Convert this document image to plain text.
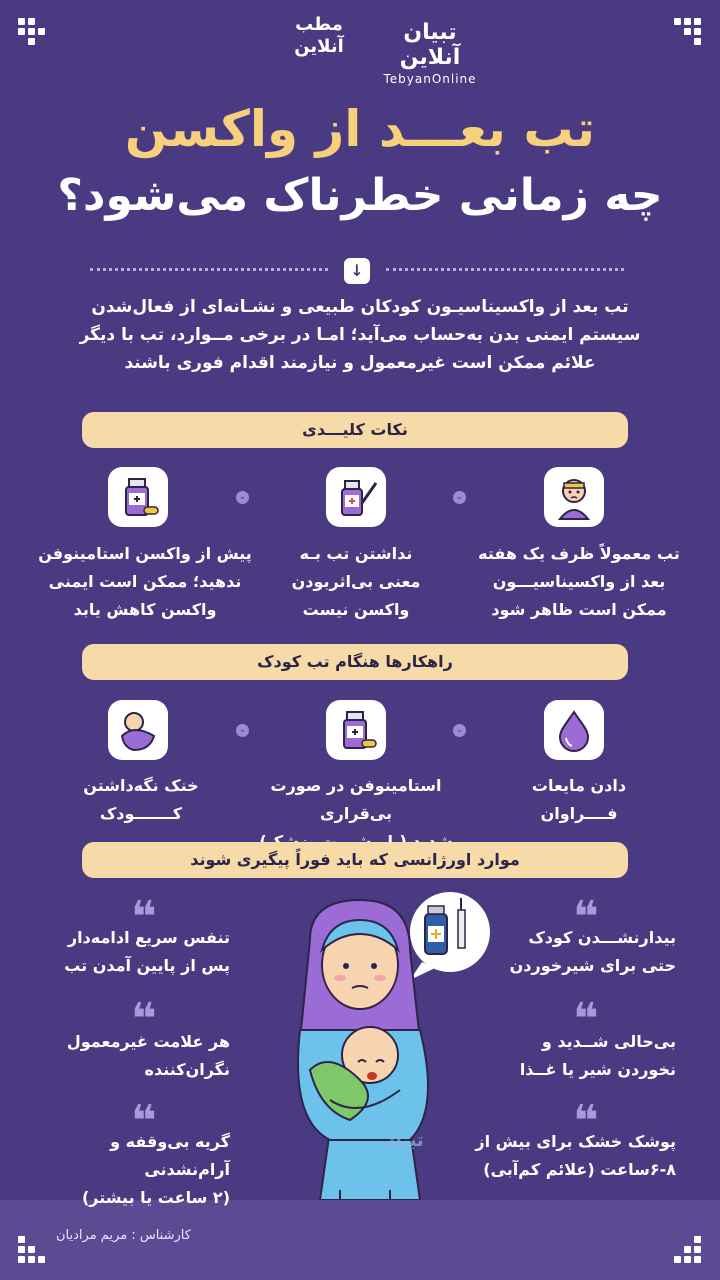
تبیان آنلاین
TebyanOnline
مطب آنلاین
تب بعـــد از واکسن
چه زمانی خطرناک می‌شود؟
↓
تب بعد از واکسیناسیـون کودکان طبیعی و نشـانه‌ای از فعال‌شدن
سیستم ایمنی بدن به‌حساب می‌آید؛ امـا در برخی مــوارد، تب با دیگر
علائم ممکن است غیرمعمول و نیازمند اقدام فوری باشند
نکات کلیـــدی
⌄
⌄
تب معمولاً ظرف یک هفته
بعد از واکسیناسیـــون
ممکن است ظاهر شود
نداشتن تب بـه
معنی بی‌اثربودن
واکسن نیست
پیش از واکسن استامینوفن
ندهید؛ ممکن است ایمنی
واکسن کاهش یابد
راهکارها هنگام تب کودک
⌄
⌄
دادن مایعات
فــــراوان
استامینوفن در صورت بی‌قراری
خنک نگه‌داشتن
کـــــــودک
موارد اورژانسی که باید فوراً پیگیری شوند
تبیان
❝
بیدارنشـــدن کودک
حتی برای شیرخوردن
❝
بی‌حالی شــدید و
نخوردن شیر یا غــذا
❝
پوشک خشک برای بیش از
۶-۸ساعت (علائم کم‌آبی)
❝
تنفس سریع ادامه‌دار
پس از پایین آمدن تب
❝
هر علامت غیرمعمول
نگران‌کننده
❝
گریه بی‌وقفه و آرام‌نشدنی
(۲ ساعت یا بیشتر)
کارشناس : مریم مرادیان
